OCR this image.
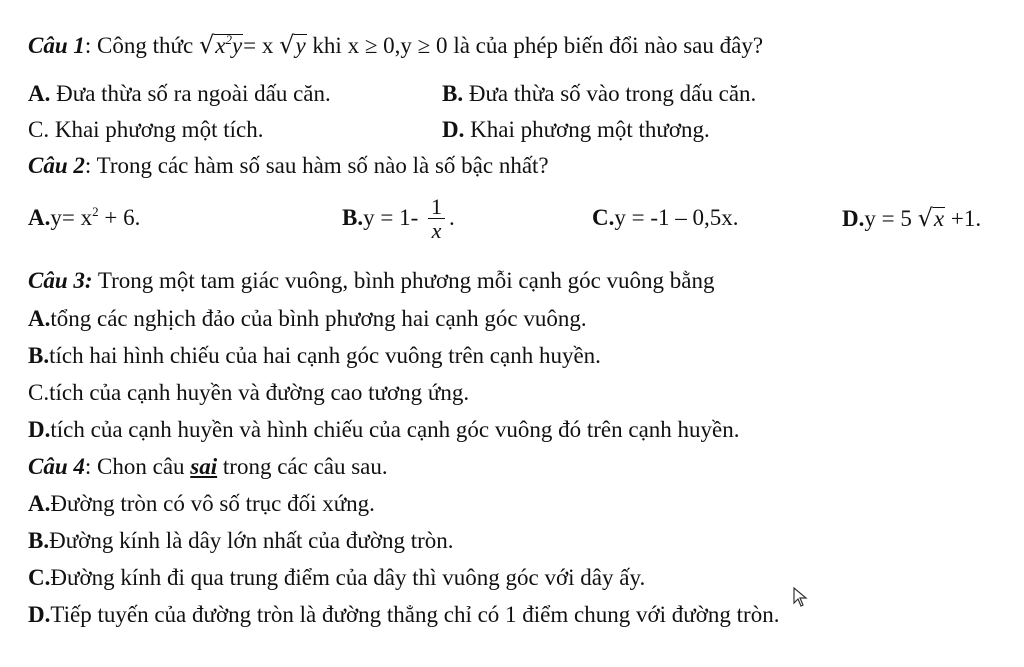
Câu 1: Công thức $√x^2y= x$ √y khi x ≥ 0,y ≥ 0 là của phép biến đổi nào sau đây?
A. Đưa thừa số ra ngoài dấu căn.	B. Đưa thừa số vào trong dấu căn.
C. Khai phương một tích.	D. Khai phương một thương.
Câu 2: Trong các hàm số sau hàm số nào là số bậc nhất?
$A.y= x^2 + 6$.	$B.y = 1- \frac{1}{x}$ .	C.y = -1 – 0,5x.	D.y = 5 √x +1.
Câu 3: Trong một tam giác vuông, bình phương mỗi cạnh góc vuông bằng
A.tổng các nghịch đảo của bình phương hai cạnh góc vuông.
B.tích hai hình chiếu của hai cạnh góc vuông trên cạnh huyền.
C.tích của cạnh huyền và đường cao tương ứng.
D.tích của cạnh huyền và hình chiếu của cạnh góc vuông đó trên cạnh huyền.
Câu 4: Chon câu sai trong các câu sau.
A.Đường tròn có vô số trục đối xứng.
B.Đường kính là dây lớn nhất của đường tròn.
C.Đường kính đi qua trung điểm của dây thì vuông góc với dây ấy.
D.Tiếp tuyến của đường tròn là đường thẳng chỉ có 1 điểm chung với đường tròn.
